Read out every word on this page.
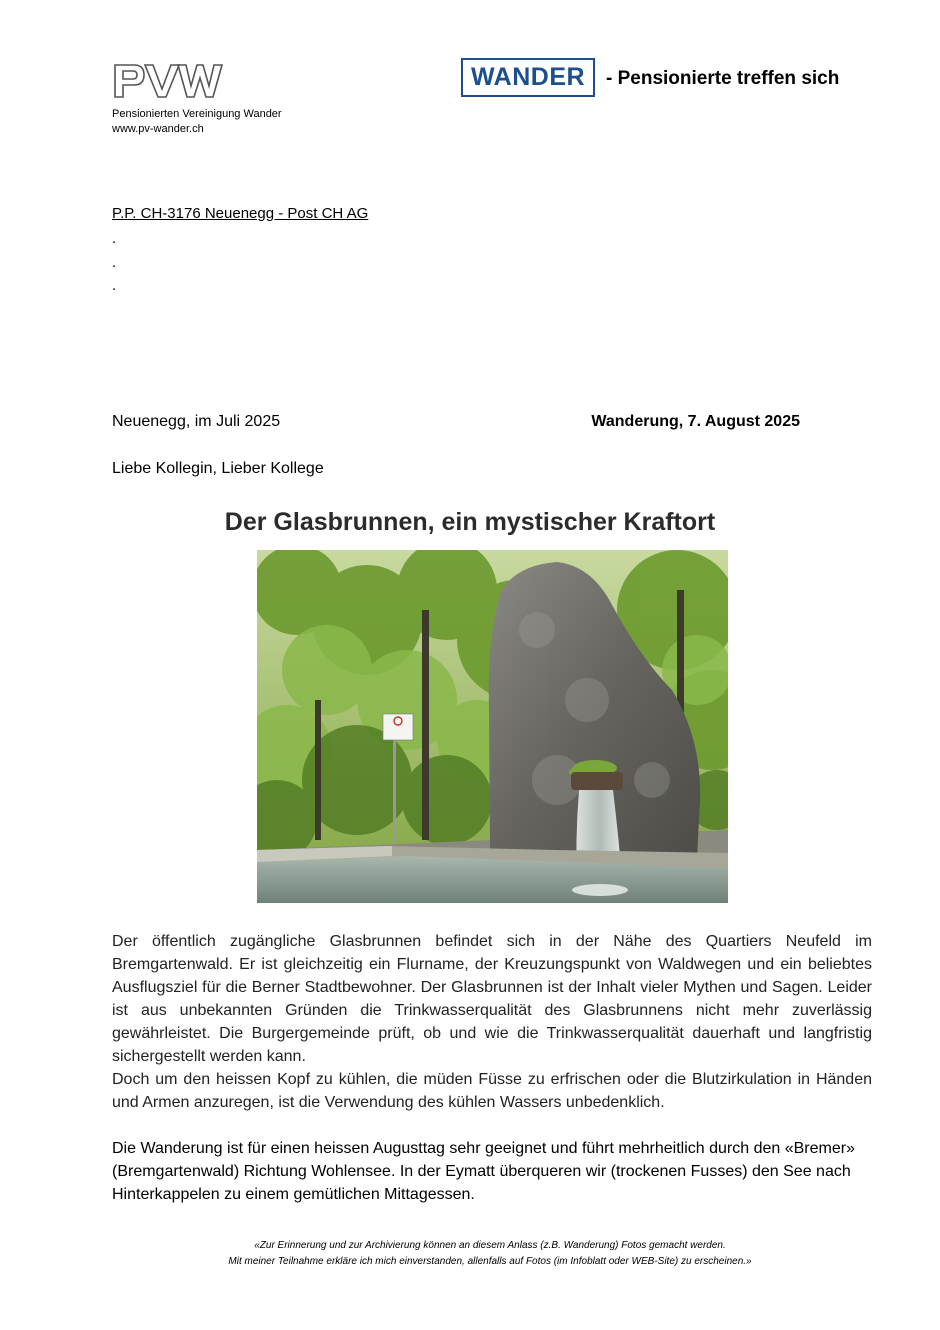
Pensionierten Vereinigung Wander
www.pv-wander.ch
WANDER - Pensionierte treffen sich
P.P. CH-3176 Neuenegg - Post CH AG
.
.
.
Neuenegg, im Juli 2025	Wanderung, 7. August 2025
Liebe Kollegin, Lieber Kollege
Der Glasbrunnen, ein mystischer Kraftort
Der öffentlich zugängliche Glasbrunnen befindet sich in der Nähe des Quartiers Neufeld im Bremgartenwald. Er ist gleichzeitig ein Flurname, der Kreuzungspunkt von Waldwegen und ein beliebtes Ausflugsziel für die Berner Stadtbewohner. Der Glasbrunnen ist der Inhalt vieler Mythen und Sagen. Leider ist aus unbekannten Gründen die Trinkwasserqualität des Glasbrunnens nicht mehr zuverlässig gewährleistet. Die Burgergemeinde prüft, ob und wie die Trinkwasserqualität dauerhaft und langfristig sichergestellt werden kann.
Doch um den heissen Kopf zu kühlen, die müden Füsse zu erfrischen oder die Blutzirkulation in Händen und Armen anzuregen, ist die Verwendung des kühlen Wassers unbedenklich.
Die Wanderung ist für einen heissen Augusttag sehr geeignet und führt mehrheitlich durch den «Bremer» (Bremgartenwald) Richtung Wohlensee. In der Eymatt überqueren wir (trockenen Fusses) den See nach Hinterkappelen zu einem gemütlichen Mittagessen.
«Zur Erinnerung und zur Archivierung können an diesem Anlass (z.B. Wanderung) Fotos gemacht werden.
Mit meiner Teilnahme erkläre ich mich einverstanden, allenfalls auf Fotos (im Infoblatt oder WEB-Site) zu erscheinen.»
